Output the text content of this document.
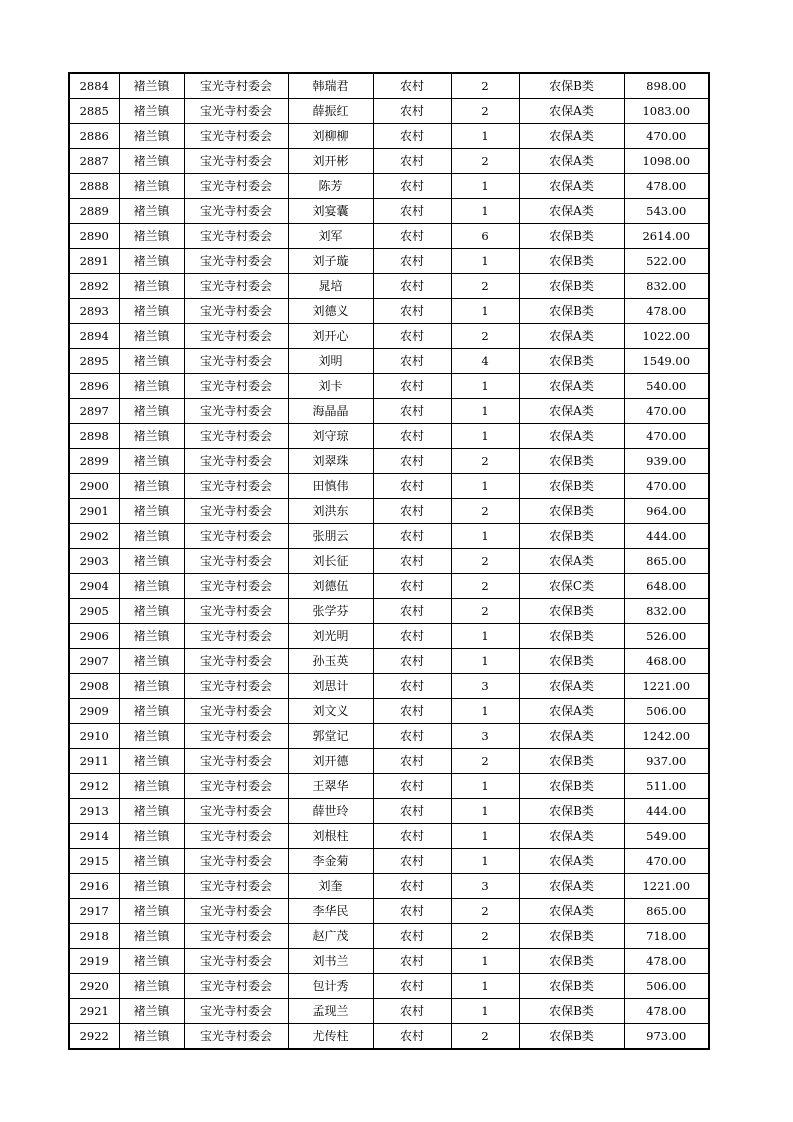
2884	褚兰镇	宝光寺村委会	韩瑞君	农村	2	农保B类	898.00
2885	褚兰镇	宝光寺村委会	薛振红	农村	2	农保A类	1083.00
2886	褚兰镇	宝光寺村委会	刘柳柳	农村	1	农保A类	470.00
2887	褚兰镇	宝光寺村委会	刘开彬	农村	2	农保A类	1098.00
2888	褚兰镇	宝光寺村委会	陈芳	农村	1	农保A类	478.00
2889	褚兰镇	宝光寺村委会	刘宴囊	农村	1	农保A类	543.00
2890	褚兰镇	宝光寺村委会	刘军	农村	6	农保B类	2614.00
2891	褚兰镇	宝光寺村委会	刘子璇	农村	1	农保B类	522.00
2892	褚兰镇	宝光寺村委会	晁培	农村	2	农保B类	832.00
2893	褚兰镇	宝光寺村委会	刘德义	农村	1	农保B类	478.00
2894	褚兰镇	宝光寺村委会	刘开心	农村	2	农保A类	1022.00
2895	褚兰镇	宝光寺村委会	刘明	农村	4	农保B类	1549.00
2896	褚兰镇	宝光寺村委会	刘卡	农村	1	农保A类	540.00
2897	褚兰镇	宝光寺村委会	海晶晶	农村	1	农保A类	470.00
2898	褚兰镇	宝光寺村委会	刘守琼	农村	1	农保A类	470.00
2899	褚兰镇	宝光寺村委会	刘翠珠	农村	2	农保B类	939.00
2900	褚兰镇	宝光寺村委会	田慎伟	农村	1	农保B类	470.00
2901	褚兰镇	宝光寺村委会	刘洪东	农村	2	农保B类	964.00
2902	褚兰镇	宝光寺村委会	张朋云	农村	1	农保B类	444.00
2903	褚兰镇	宝光寺村委会	刘长征	农村	2	农保A类	865.00
2904	褚兰镇	宝光寺村委会	刘德伍	农村	2	农保C类	648.00
2905	褚兰镇	宝光寺村委会	张学芬	农村	2	农保B类	832.00
2906	褚兰镇	宝光寺村委会	刘光明	农村	1	农保B类	526.00
2907	褚兰镇	宝光寺村委会	孙玉英	农村	1	农保B类	468.00
2908	褚兰镇	宝光寺村委会	刘思计	农村	3	农保A类	1221.00
2909	褚兰镇	宝光寺村委会	刘文义	农村	1	农保A类	506.00
2910	褚兰镇	宝光寺村委会	郭堂记	农村	3	农保A类	1242.00
2911	褚兰镇	宝光寺村委会	刘开德	农村	2	农保B类	937.00
2912	褚兰镇	宝光寺村委会	王翠华	农村	1	农保B类	511.00
2913	褚兰镇	宝光寺村委会	薛世玲	农村	1	农保B类	444.00
2914	褚兰镇	宝光寺村委会	刘根柱	农村	1	农保A类	549.00
2915	褚兰镇	宝光寺村委会	李金菊	农村	1	农保A类	470.00
2916	褚兰镇	宝光寺村委会	刘奎	农村	3	农保A类	1221.00
2917	褚兰镇	宝光寺村委会	李华民	农村	2	农保A类	865.00
2918	褚兰镇	宝光寺村委会	赵广茂	农村	2	农保B类	718.00
2919	褚兰镇	宝光寺村委会	刘书兰	农村	1	农保B类	478.00
2920	褚兰镇	宝光寺村委会	包计秀	农村	1	农保B类	506.00
2921	褚兰镇	宝光寺村委会	孟现兰	农村	1	农保B类	478.00
2922	褚兰镇	宝光寺村委会	尤传柱	农村	2	农保B类	973.00
